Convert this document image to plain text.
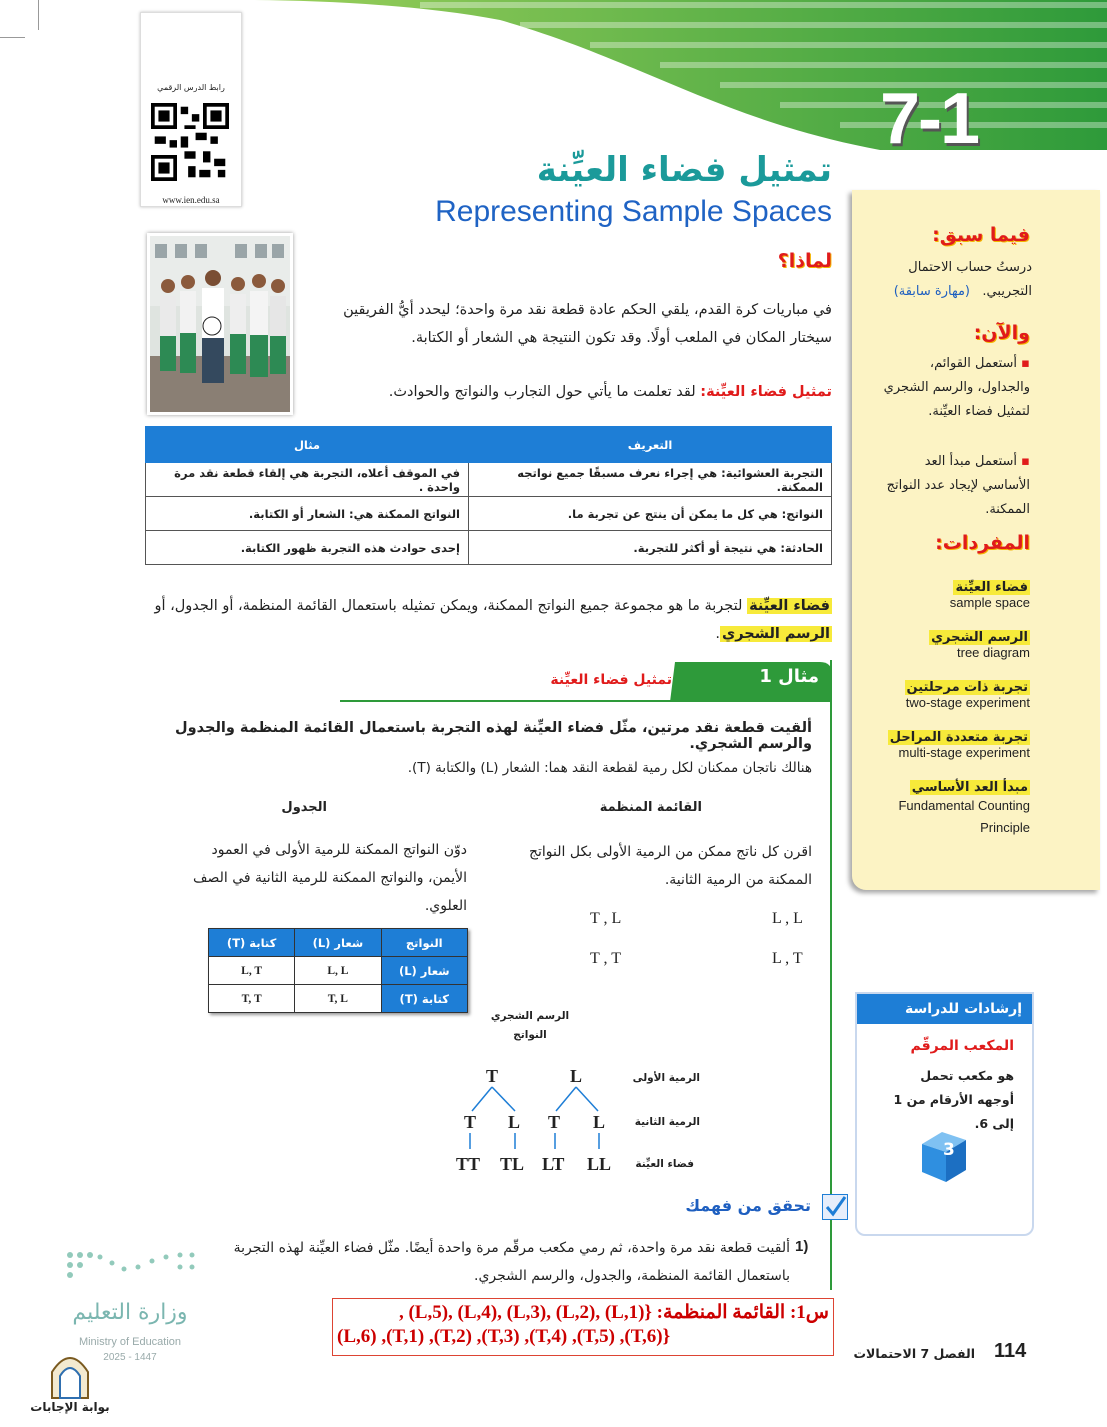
7-1
رابط الدرس الرقمي
www.ien.edu.sa
تمثيل فضاء العيِّنة
Representing Sample Spaces
فيما سبق:
درستُ حساب الاحتمال التجريبي.
(مهارة سابقة)
والآن:
▪ أستعمل القوائم، والجداول، والرسم الشجري لتمثيل فضاء العيِّنة.
▪ أستعمل مبدأ العد الأساسي لإيجاد عدد النواتج الممكنة.
المفردات:
فضاء العيِّنة
sample space
الرسم الشجري
tree diagram
تجربة ذات مرحلتين
two-stage experiment
تجربة متعددة المراحل
multi-stage experiment
مبدأ العد الأساسي
Fundamental Counting Principle
لماذا؟
في مباريات كرة القدم، يلقي الحكم عادة قطعة نقد مرة واحدة؛ ليحدد أيُّ الفريقين سيختار المكان في الملعب أولًا. وقد تكون النتيجة هي الشعار أو الكتابة.
تمثيل فضاء العيِّنة: لقد تعلمت ما يأتي حول التجارب والنواتج والحوادث.
التعريف	مثال
التجربة العشوائية: هي إجراء نعرف مسبقًا جميع نواتجه الممكنة.	في الموقف أعلاه، التجربة هي إلقاء قطعة نقد مرة واحدة .
النواتج: هي كل ما يمكن أن ينتج عن تجربة ما.	النواتج الممكنة هي: الشعار أو الكتابة.
الحادثة: هي نتيجة أو أكثر للتجربة.	إحدى حوادث هذه التجربة ظهور الكتابة.
فضاء العيِّنة لتجربة ما هو مجموعة جميع النواتج الممكنة، ويمكن تمثيله باستعمال القائمة المنظمة، أو الجدول، أو الرسم الشجري.
مثال 1
تمثيل فضاء العيِّنة
ألقيت قطعة نقد مرتين، مثّل فضاء العيِّنة لهذه التجربة باستعمال القائمة المنظمة والجدول والرسم الشجري.
هنالك ناتجان ممكنان لكل رمية لقطعة النقد هما: الشعار (L) والكتابة (T).
القائمة المنظمة
اقرن كل ناتج ممكن من الرمية الأولى بكل النواتج الممكنة من الرمية الثانية.
L , L
T , L
L , T
T , T
الجدول
دوّن النواتج الممكنة للرمية الأولى في العمود الأيمن، والنواتج الممكنة للرمية الثانية في الصف العلوي.
النواتج	شعار (L)	كتابة (T)
شعار (L)	L, L	L, T
كتابة (T)	T, L	T, T
الرسم الشجري
النواتج
T	L
T L T L
TT TL LT LL
الرمية الأولى
الرمية الثانية
فضاء العيِّنة
تحقق من فهمك
1)
ألقيت قطعة نقد مرة واحدة، ثم رمي مكعب مرقّم مرة واحدة أيضًا. مثّل فضاء العيِّنة لهذه التجربة باستعمال القائمة المنظمة، والجدول، والرسم الشجري.
س1: القائمة المنظمة: {(L,1) ,(L,2) ,(L,3) ,(L,4) ,(L,5) ,
(L,6) ,(T,1) ,(T,2) ,(T,3) ,(T,4) ,(T,5) ,(T,6)}
إرشادات للدراسة
المكعب المرقّم
هو مكعب تحمل أوجهه الأرقام من 1 إلى 6.
3
وزارة التعليم
Ministry of Education
2025 - 1447
بوابة الإجابات
114
الفصل 7 الاحتمالات
